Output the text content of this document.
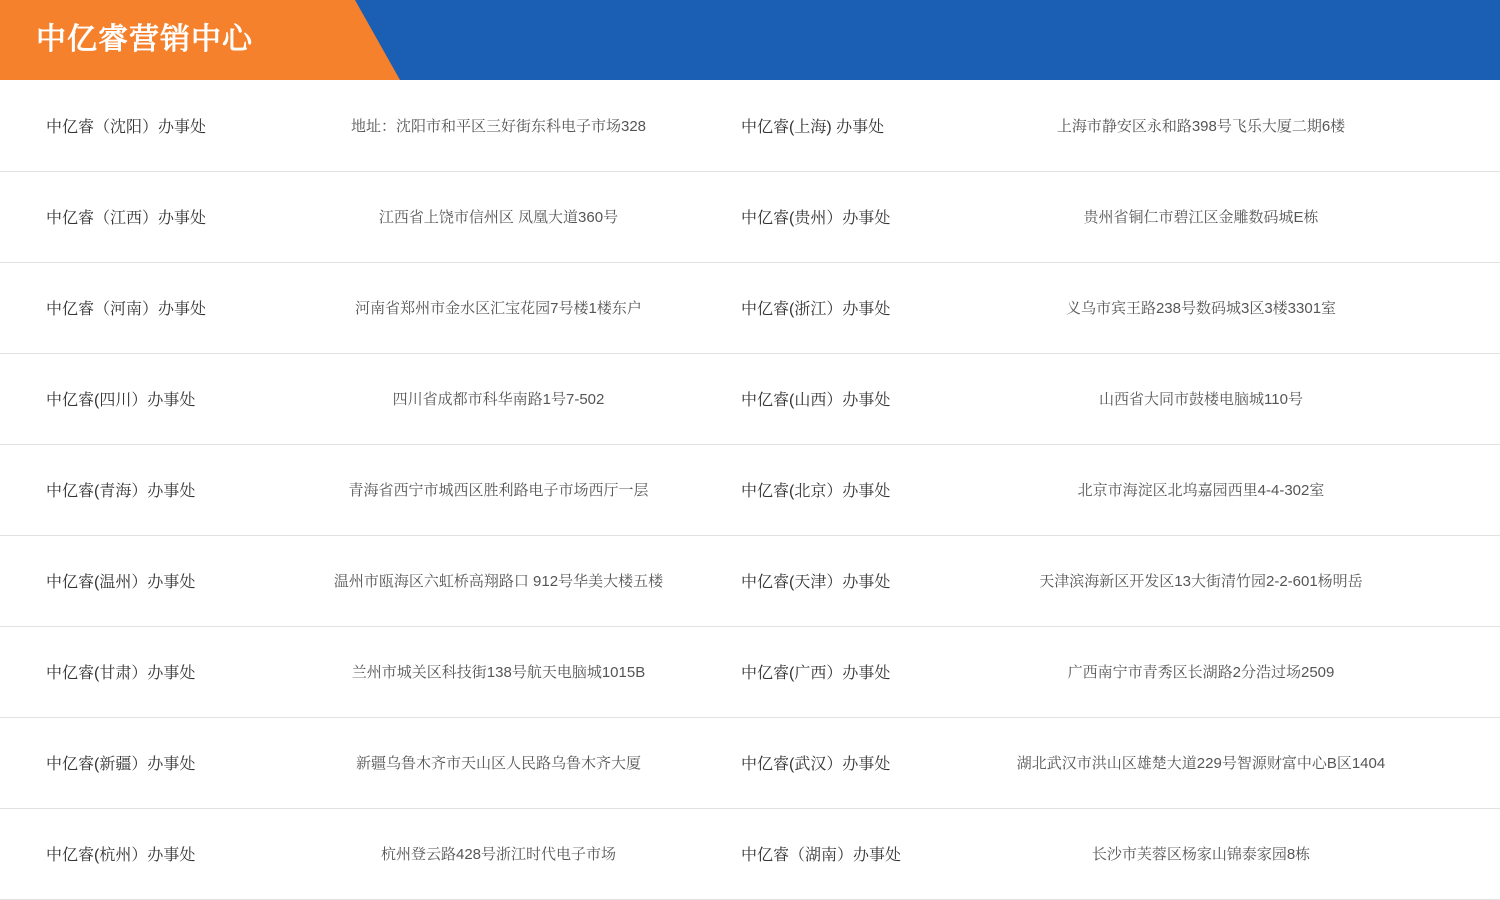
中亿睿营销中心
	中亿睿（沈阳）办事处	地址：沈阳市和平区三好街东科电子市场328		中亿睿(上海) 办事处	上海市静安区永和路398号飞乐大厦二期6楼	
	中亿睿（江西）办事处	江西省上饶市信州区 凤凰大道360号		中亿睿(贵州）办事处	贵州省铜仁市碧江区金雕数码城E栋	
	中亿睿（河南）办事处	河南省郑州市金水区汇宝花园7号楼1楼东户		中亿睿(浙江）办事处	义乌市宾王路238号数码城3区3楼3301室	
	中亿睿(四川）办事处	四川省成都市科华南路1号7-502		中亿睿(山西）办事处	山西省大同市鼓楼电脑城110号	
	中亿睿(青海）办事处	青海省西宁市城西区胜利路电子市场西厅一层		中亿睿(北京）办事处	北京市海淀区北坞嘉园西里4-4-302室	
	中亿睿(温州）办事处	温州市瓯海区六虹桥高翔路口 912号华美大楼五楼		中亿睿(天津）办事处	天津滨海新区开发区13大街清竹园2-2-601杨明岳	
	中亿睿(甘肃）办事处	兰州市城关区科技街138号航天电脑城1015B		中亿睿(广西）办事处	广西南宁市青秀区长湖路2分浩过场2509	
	中亿睿(新疆）办事处	新疆乌鲁木齐市天山区人民路乌鲁木齐大厦		中亿睿(武汉）办事处	湖北武汉市洪山区雄楚大道229号智源财富中心B区1404	
	中亿睿(杭州）办事处	杭州登云路428号浙江时代电子市场		中亿睿（湖南）办事处	长沙市芙蓉区杨家山锦泰家园8栋	
